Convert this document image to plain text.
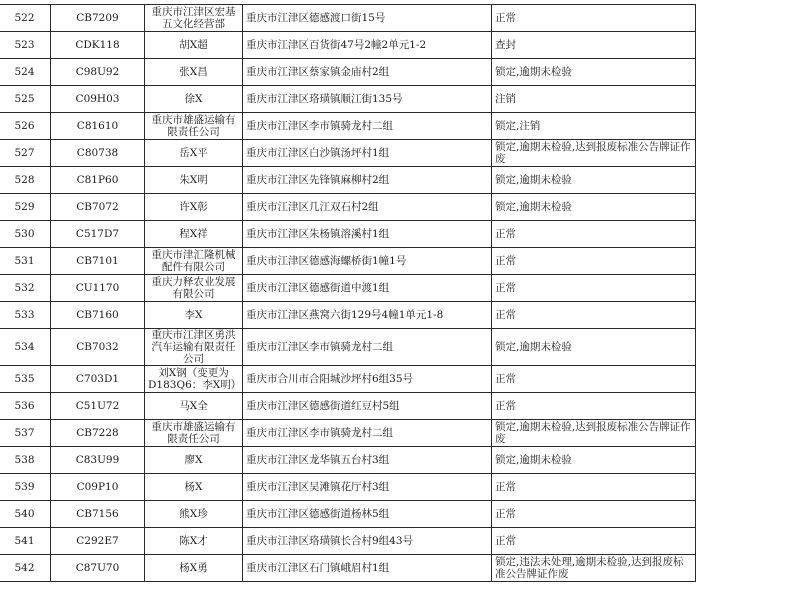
522	CB7209	重庆市江津区宏基五文化经营部	重庆市江津区德感渡口街15号	正常
523	CDK118	胡X超	重庆市江津区百货街47号2幢2单元1-2	查封
524	C98U92	张X昌	重庆市江津区蔡家镇金庙村2组	锁定,逾期未检验
525	C09H03	徐X	重庆市江津区珞璜镇顺江街135号	注销
526	C81610	重庆市雄盛运输有限责任公司	重庆市江津区李市镇骑龙村二组	锁定,注销
527	C80738	岳X平	重庆市江津区白沙镇汤坪村1组	锁定,逾期未检验,达到报废标准公告牌证作废
528	C81P60	朱X明	重庆市江津区先锋镇麻柳村2组	锁定,逾期未检验
529	CB7072	许X彰	重庆市江津区几江双石村2组	锁定,逾期未检验
530	C517D7	程X祥	重庆市江津区朱杨镇溶溪村1组	正常
531	CB7101	重庆市津汇隆机械配件有限公司	重庆市江津区德感海螺桥街1幢1号	正常
532	CU1170	重庆力释农业发展有限公司	重庆市江津区德感街道中渡1组	正常
533	CB7160	李X	重庆市江津区燕窝六街129号4幢1单元1-8	正常
534	CB7032	重庆市江津区勇洪汽车运输有限责任公司	重庆市江津区李市镇骑龙村二组	锁定,逾期未检验
535	C703D1	刘X钢（变更为D183Q6：李X明）	重庆市合川市合阳城沙坪村6组35号	正常
536	C51U72	马X全	重庆市江津区德感街道红豆村5组	正常
537	CB7228	重庆市雄盛运输有限责任公司	重庆市江津区李市镇骑龙村二组	锁定,逾期未检验,达到报废标准公告牌证作废
538	C83U99	廖X	重庆市江津区龙华镇五台村3组	锁定,逾期未检验
539	C09P10	杨X	重庆市江津区吴滩镇花厅村3组	正常
540	CB7156	熊X珍	重庆市江津区德感街道杨林5组	正常
541	C292E7	陈X才	重庆市江津区珞璜镇长合村9组43号	正常
542	C87U70	杨X勇	重庆市江津区石门镇峨眉村1组	锁定,违法未处理,逾期未检验,达到报废标准公告牌证作废
